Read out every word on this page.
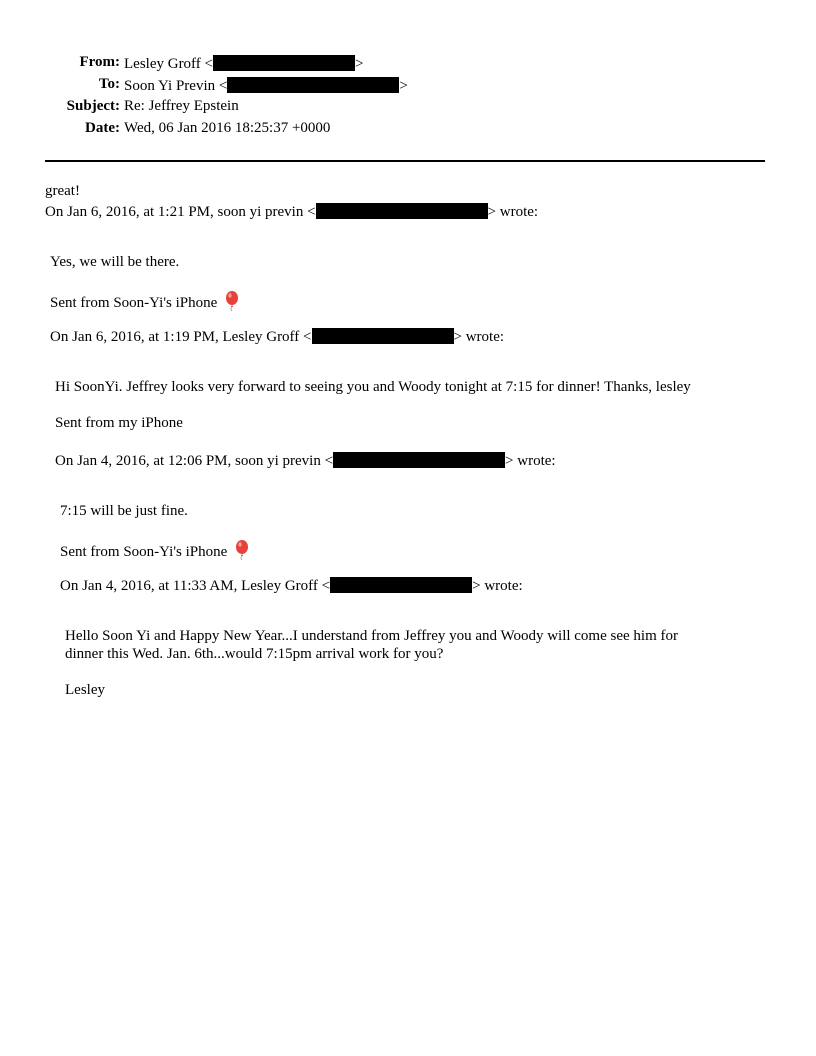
From: Lesley Groff <	>
To: Soon Yi Previn <	>
Subject: Re: Jeffrey Epstein
Date: Wed, 06 Jan 2016 18:25:37 +0000
great!
On Jan 6, 2016, at 1:21 PM, soon yi previn <	> wrote:
Yes, we will be there.
Sent from Soon-Yi's iPhone
On Jan 6, 2016, at 1:19 PM, Lesley Groff <	> wrote:
Hi SoonYi. Jeffrey looks very forward to seeing you and Woody tonight at 7:15 for dinner! Thanks, lesley
Sent from my iPhone
On Jan 4, 2016, at 12:06 PM, soon yi previn <	> wrote:
7:15 will be just fine.
Sent from Soon-Yi's iPhone
On Jan 4, 2016, at 11:33 AM, Lesley Groff <	> wrote:
Hello Soon Yi and Happy New Year...I understand from Jeffrey you and Woody will come see him for
dinner this Wed. Jan. 6th...would 7:15pm arrival work for you?
Lesley
